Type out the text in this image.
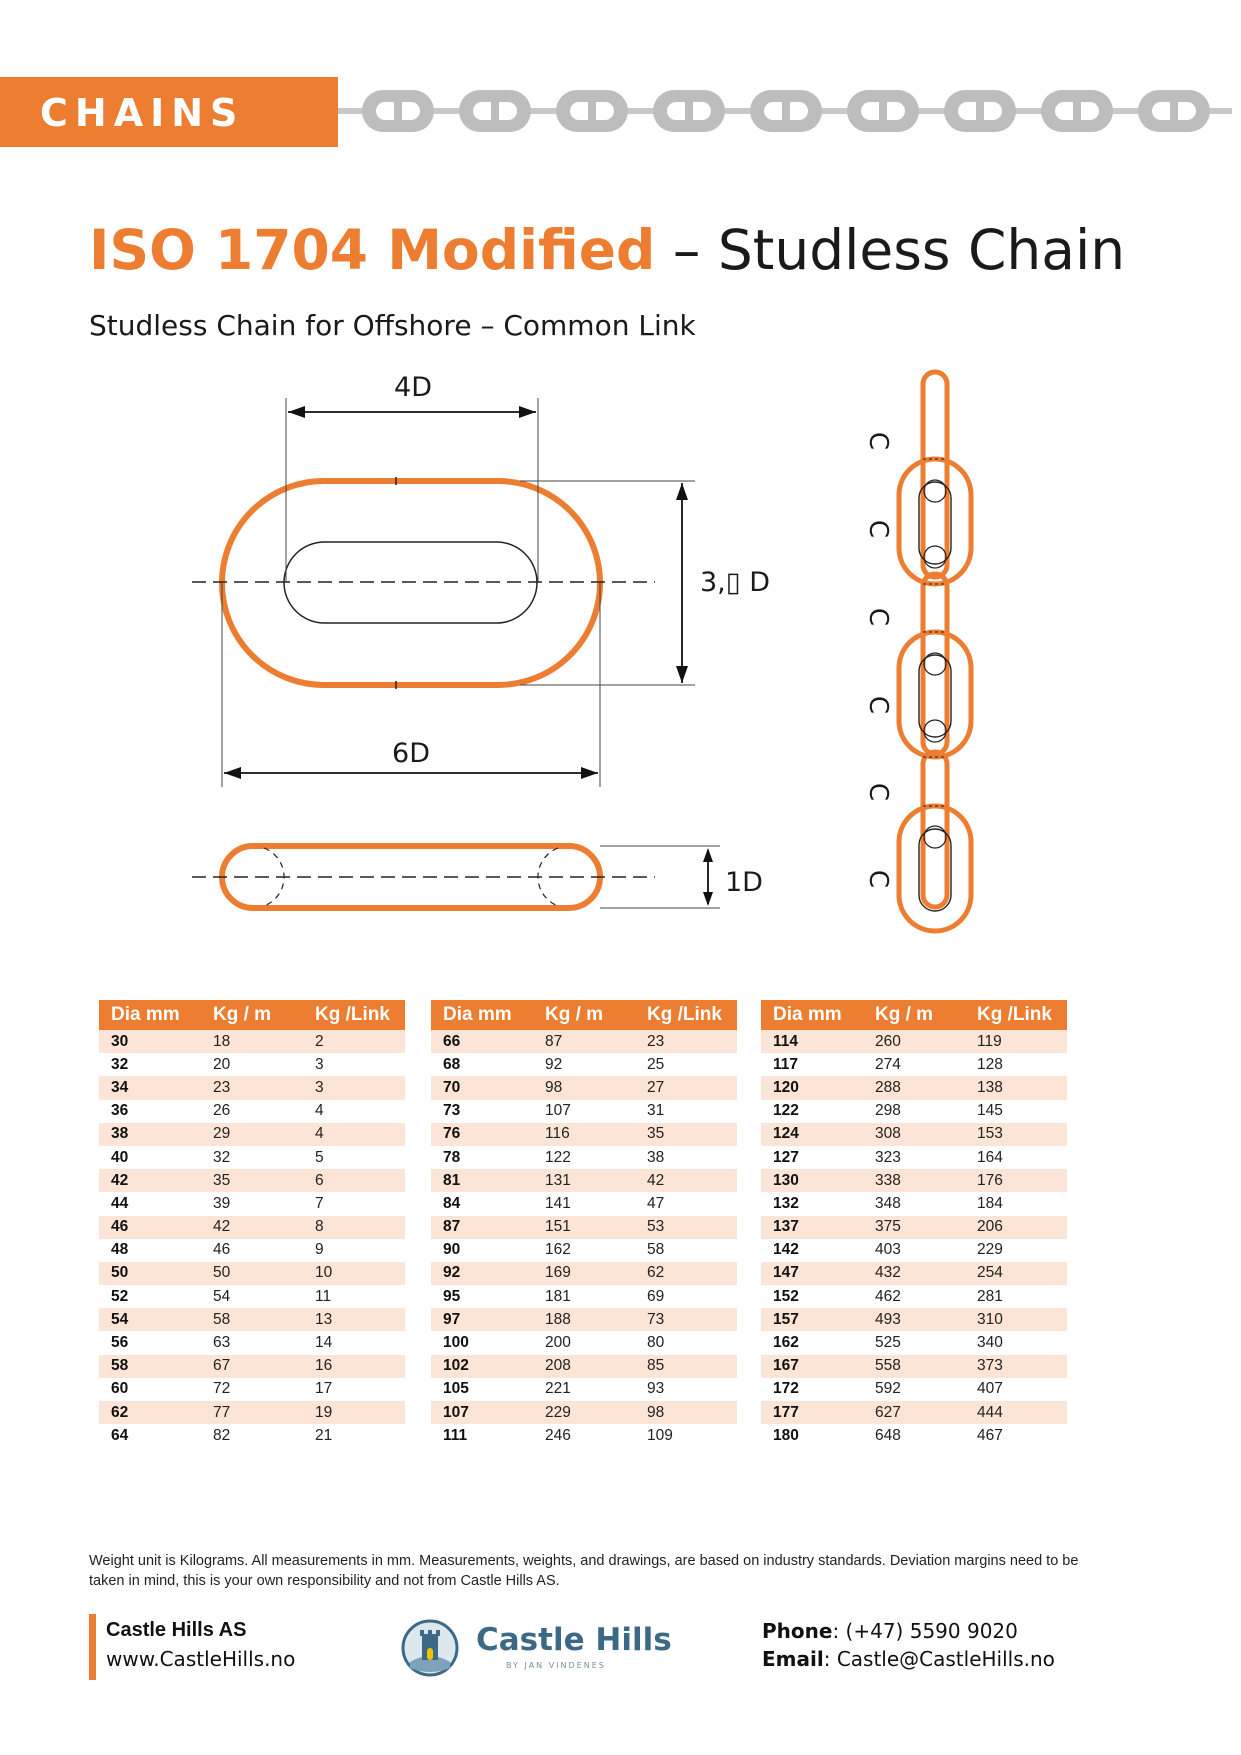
CHAINS
ISO 1704 Modified – Studless Chain
Studless Chain for Offshore – Common Link
4D
3,▯ D
6D
1D
C
C
C
C
C
C
Dia mm	Kg / m	Kg /Link
30	18	2
32	20	3
34	23	3
36	26	4
38	29	4
40	32	5
42	35	6
44	39	7
46	42	8
48	46	9
50	50	10
52	54	11
54	58	13
56	63	14
58	67	16
60	72	17
62	77	19
64	82	21
Dia mm	Kg / m	Kg /Link
66	87	23
68	92	25
70	98	27
73	107	31
76	116	35
78	122	38
81	131	42
84	141	47
87	151	53
90	162	58
92	169	62
95	181	69
97	188	73
100	200	80
102	208	85
105	221	93
107	229	98
111	246	109
Dia mm	Kg / m	Kg /Link
114	260	119
117	274	128
120	288	138
122	298	145
124	308	153
127	323	164
130	338	176
132	348	184
137	375	206
142	403	229
147	432	254
152	462	281
157	493	310
162	525	340
167	558	373
172	592	407
177	627	444
180	648	467
Weight unit is Kilograms. All measurements in mm. Measurements, weights, and drawings, are based on industry standards. Deviation margins need to be taken in mind, this is your own responsibility and not from Castle Hills AS.
Castle Hills AS
www.CastleHills.no
Castle Hills
BY JAN VINDENES
Phone: (+47) 5590 9020
Email: Castle@CastleHills.no
